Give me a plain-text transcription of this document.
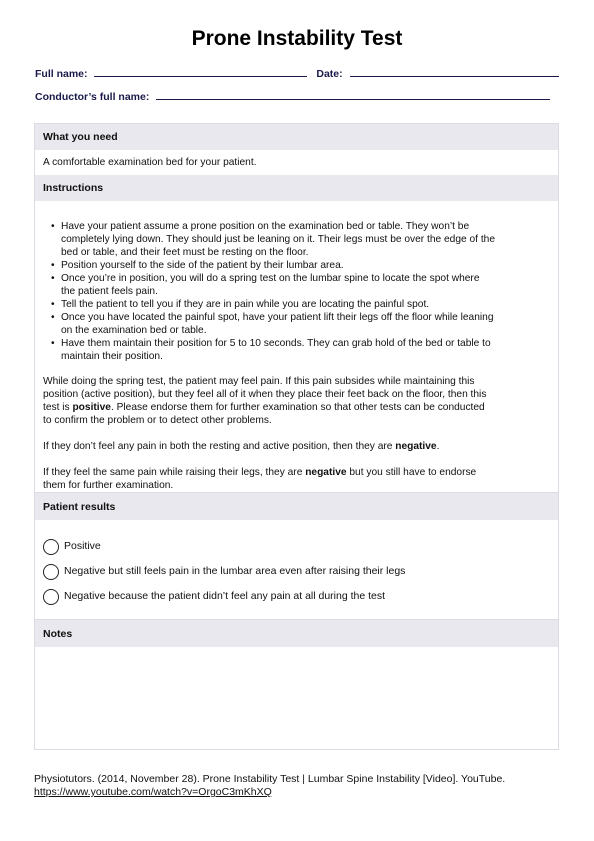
Prone Instability Test
Full name:	Date:
Conductor’s full name:
What you need
A comfortable examination bed for your patient.
Instructions
• Have your patient assume a prone position on the examination bed or table. They won’t be
completely lying down. They should just be leaning on it. Their legs must be over the edge of the
bed or table, and their feet must be resting on the floor.
• Position yourself to the side of the patient by their lumbar area.
• Once you’re in position, you will do a spring test on the lumbar spine to locate the spot where
the patient feels pain.
• Tell the patient to tell you if they are in pain while you are locating the painful spot.
• Once you have located the painful spot, have your patient lift their legs off the floor while leaning
on the examination bed or table.
• Have them maintain their position for 5 to 10 seconds. They can grab hold of the bed or table to
maintain their position.
While doing the spring test, the patient may feel pain. If this pain subsides while maintaining this
position (active position), but they feel all of it when they place their feet back on the floor, then this
test is positive. Please endorse them for further examination so that other tests can be conducted
to confirm the problem or to detect other problems.
If they don’t feel any pain in both the resting and active position, then they are negative.
If they feel the same pain while raising their legs, they are negative but you still have to endorse
them for further examination.
Patient results
Positive
Negative but still feels pain in the lumbar area even after raising their legs
Negative because the patient didn’t feel any pain at all during the test
Notes
Physiotutors. (2014, November 28). Prone Instability Test | Lumbar Spine Instability [Video]. YouTube.
https://www.youtube.com/watch?v=OrgoC3mKhXQ
